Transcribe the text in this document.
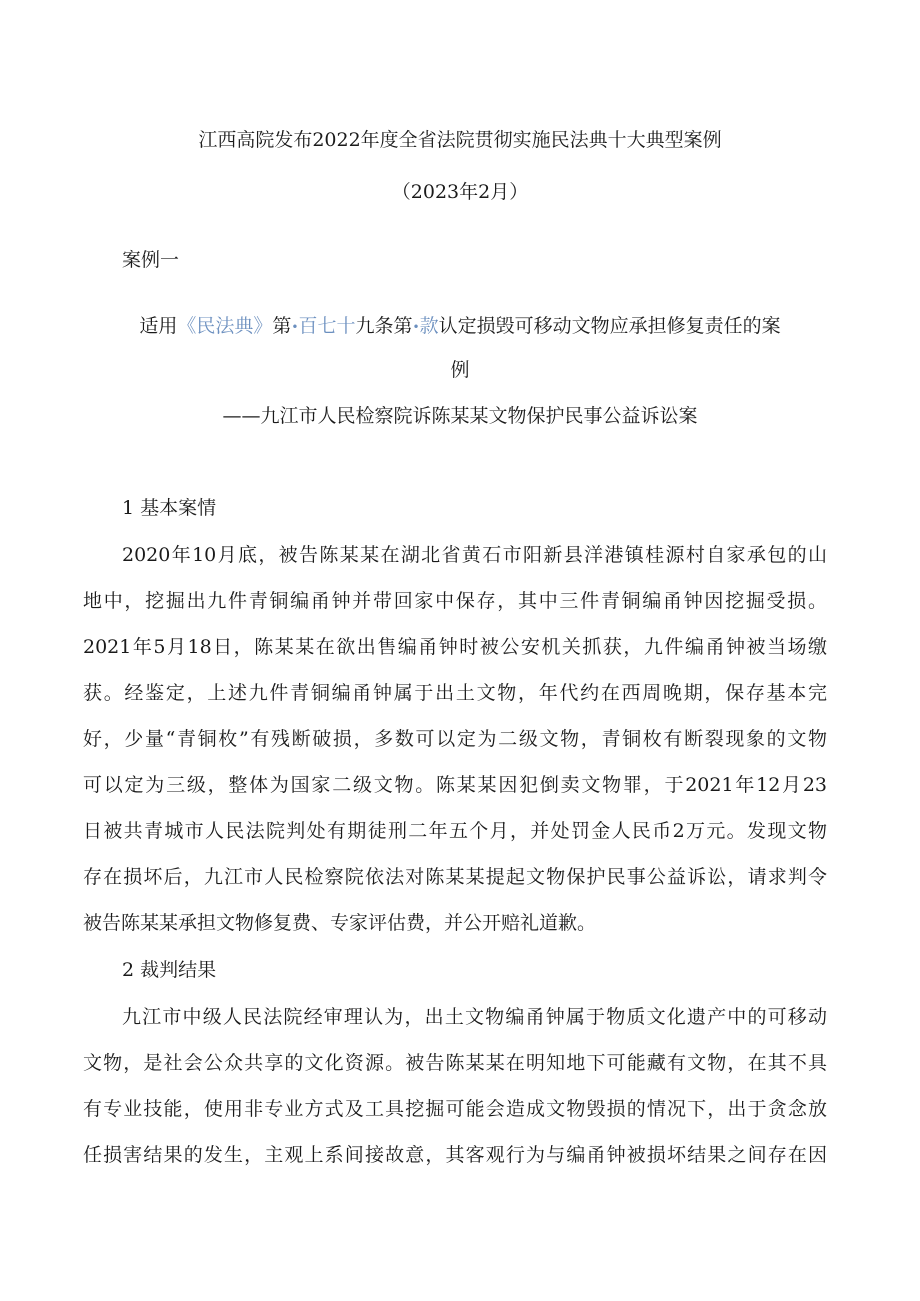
江西高院发布2022年度全省法院贯彻实施民法典十大典型案例
（2023年2月）
案例一
适用《民法典》第•百七十九条第•款认定损毁可移动文物应承担修复责任的案
例
——九江市人民检察院诉陈某某文物保护民事公益诉讼案
1 基本案情
2020年10月底，被告陈某某在湖北省黄石市阳新县洋港镇桂源村自家承包的山
地中，挖掘出九件青铜编甬钟并带回家中保存，其中三件青铜编甬钟因挖掘受损。
2021年5月18日，陈某某在欲出售编甬钟时被公安机关抓获，九件编甬钟被当场缴
获。经鉴定，上述九件青铜编甬钟属于出土文物，年代约在西周晚期，保存基本完
好，少量“青铜枚”有残断破损，多数可以定为二级文物，青铜枚有断裂现象的文物
可以定为三级，整体为国家二级文物。陈某某因犯倒卖文物罪，于2021年12月23
日被共青城市人民法院判处有期徒刑二年五个月，并处罚金人民币2万元。发现文物
存在损坏后，九江市人民检察院依法对陈某某提起文物保护民事公益诉讼，请求判令
被告陈某某承担文物修复费、专家评估费，并公开赔礼道歉。
2 裁判结果
九江市中级人民法院经审理认为，出土文物编甬钟属于物质文化遗产中的可移动
文物，是社会公众共享的文化资源。被告陈某某在明知地下可能藏有文物，在其不具
有专业技能，使用非专业方式及工具挖掘可能会造成文物毁损的情况下，出于贪念放
任损害结果的发生，主观上系间接故意，其客观行为与编甬钟被损坏结果之间存在因
